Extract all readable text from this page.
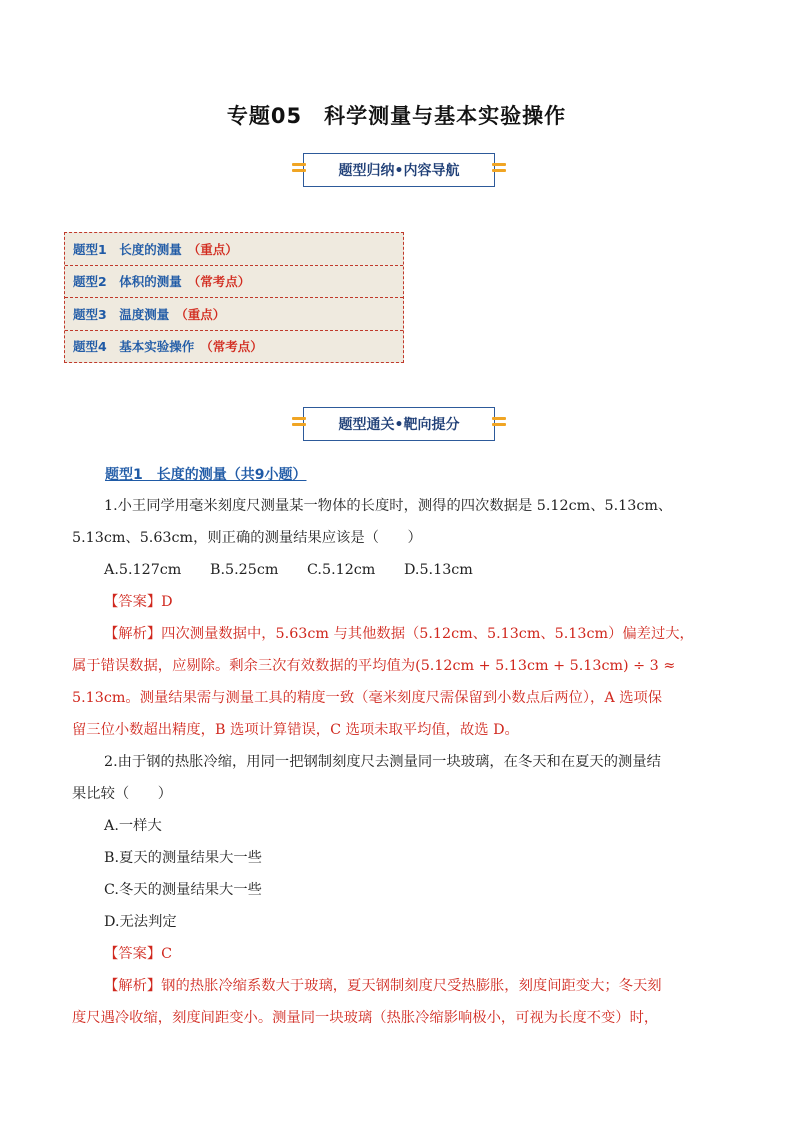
专题05　科学测量与基本实验操作
题型归纳•内容导航
题型1　长度的测量 （重点）
题型2　体积的测量 （常考点）
题型3　温度测量 （重点）
题型4　基本实验操作 （常考点）
题型通关•靶向提分
题型1　长度的测量（共9小题）
1.小王同学用毫米刻度尺测量某一物体的长度时，测得的四次数据是 5.12cm、5.13cm、

5.13cm、5.63cm，则正确的测量结果应该是（　　）
A.5.127cm　　B.5.25cm　　C.5.12cm　　D.5.13cm
【答案】D
【解析】四次测量数据中，5.63cm 与其他数据（5.12cm、5.13cm、5.13cm）偏差过大，
属于错误数据，应剔除。剩余三次有效数据的平均值为(5.12cm + 5.13cm + 5.13cm) ÷ 3 ≈
5.13cm。测量结果需与测量工具的精度一致（毫米刻度尺需保留到小数点后两位），A 选项保
留三位小数超出精度，B 选项计算错误，C 选项未取平均值，故选 D。
2.由于钢的热胀冷缩，用同一把钢制刻度尺去测量同一块玻璃，在冬天和在夏天的测量结
果比较（　　）
A.一样大
B.夏天的测量结果大一些
C.冬天的测量结果大一些
D.无法判定
【答案】C
【解析】钢的热胀冷缩系数大于玻璃，夏天钢制刻度尺受热膨胀，刻度间距变大；冬天刻
度尺遇冷收缩，刻度间距变小。测量同一块玻璃（热胀冷缩影响极小，可视为长度不变）时，
